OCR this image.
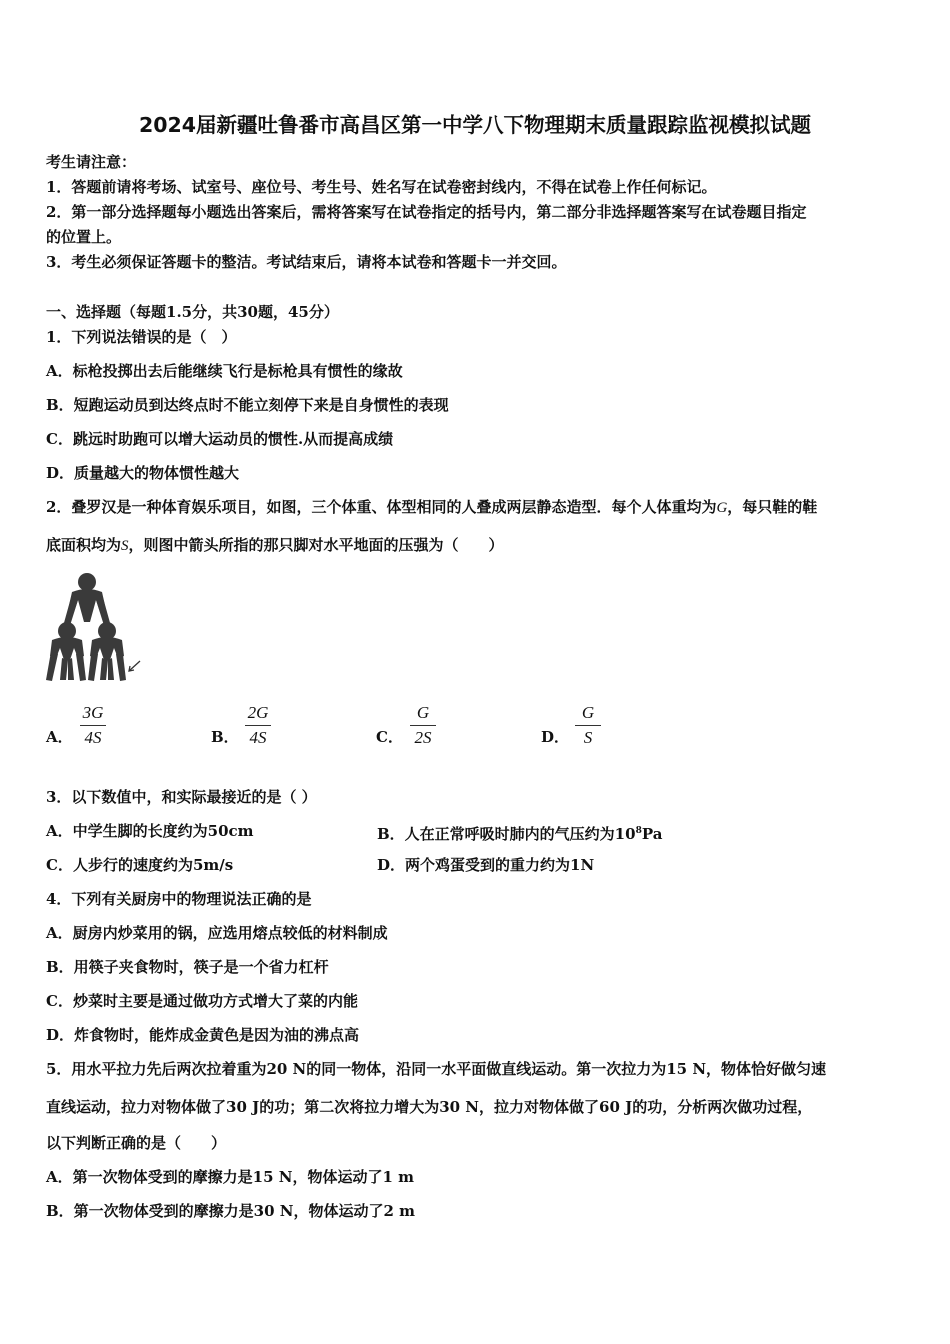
2024届新疆吐鲁番市高昌区第一中学八下物理期末质量跟踪监视模拟试题
考生请注意：
1．答题前请将考场、试室号、座位号、考生号、姓名写在试卷密封线内，不得在试卷上作任何标记。
2．第一部分选择题每小题选出答案后，需将答案写在试卷指定的括号内，第二部分非选择题答案写在试卷题目指定
的位置上。
3．考生必须保证答题卡的整洁。考试结束后，请将本试卷和答题卡一并交回。
一、选择题（每题1.5分，共30题，45分）
1．下列说法错误的是（　）
A．标枪投掷出去后能继续飞行是标枪具有惯性的缘故
B．短跑运动员到达终点时不能立刻停下来是自身惯性的表现
C．跳远时助跑可以增大运动员的惯性.从而提高成绩
D．质量越大的物体惯性越大
2．叠罗汉是一种体育娱乐项目，如图，三个体重、体型相同的人叠成两层静态造型．每个人体重均为G，每只鞋的鞋
底面积均为S，则图中箭头所指的那只脚对水平地面的压强为（　　）
A．
3G
4S	B．
2G
4S	C．
G
2S	D．
G
S
3．以下数值中，和实际最接近的是（ ）
A．中学生脚的长度约为50cm	B．人在正常呼吸时肺内的气压约为$10^8Pa$
C．人步行的速度约为5m/s	D．两个鸡蛋受到的重力约为1N
4．下列有关厨房中的物理说法正确的是
A．厨房内炒菜用的锅，应选用熔点较低的材料制成
B．用筷子夹食物时，筷子是一个省力杠杆
C．炒菜时主要是通过做功方式增大了菜的内能
D．炸食物时，能炸成金黄色是因为油的沸点高
5．用水平拉力先后两次拉着重为20 N的同一物体，沿同一水平面做直线运动。第一次拉力为15 N，物体恰好做匀速
直线运动，拉力对物体做了30 J的功；第二次将拉力增大为30 N，拉力对物体做了60 J的功，分析两次做功过程，
以下判断正确的是（　　）
A．第一次物体受到的摩擦力是15 N，物体运动了1 m
B．第一次物体受到的摩擦力是30 N，物体运动了2 m
